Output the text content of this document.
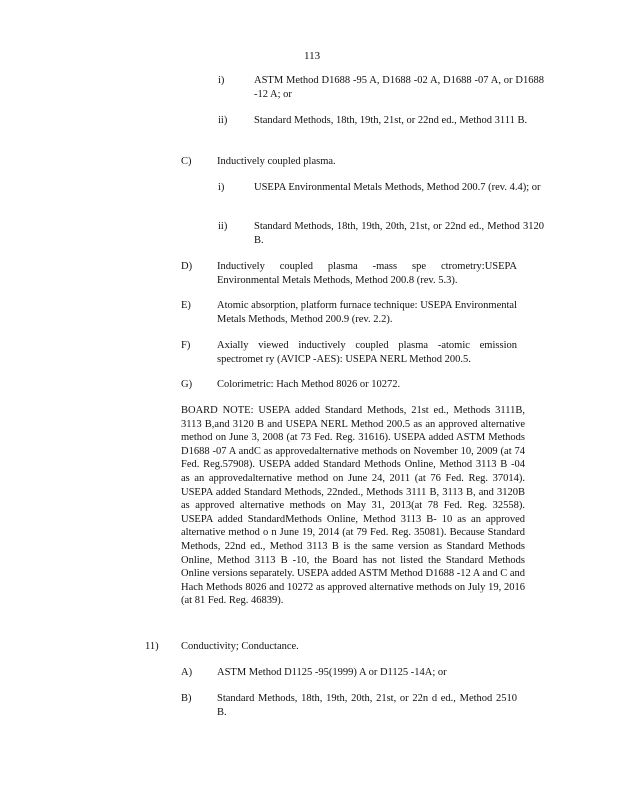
113
i)	ASTM Method D1688 -95 A, D1688 -02 A, D1688 -07 A, or D1688 -12 A; or
ii)	Standard Methods, 18th, 19th, 21st, or 22nd ed., Method 3111 B.
C) Inductively coupled plasma.
i)	USEPA Environmental Metals Methods, Method 200.7 (rev. 4.4); or
ii)	Standard Methods, 18th, 19th, 20th, 21st, or 22nd ed., Method 3120 B.
D) Inductively coupled plasma -mass spe ctrometry:USEPA Environmental Metals Methods, Method 200.8 (rev. 5.3).
E) Atomic absorption, platform furnace technique: USEPA Environmental Metals Methods, Method 200.9 (rev. 2.2).
F)	Axially viewed inductively coupled plasma -atomic emission spectromet ry (AVICP -AES): USEPA NERL Method 200.5.
G) Colorimetric: Hach Method 8026 or 10272.
BOARD NOTE: USEPA added Standard Methods, 21st ed., Methods 3111B, 3113 B,and 3120 B and USEPA NERL Method 200.5 as an approved alternative method on June 3, 2008 (at 73 Fed. Reg. 31616). USEPA added ASTM Methods D1688 -07 A andC as approvedalternative methods on November 10, 2009 (at 74 Fed. Reg.57908). USEPA added Standard Methods Online, Method 3113 B -04 as an approvedalternative method on June 24, 2011 (at 76 Fed. Reg. 37014). USEPA added Standard Methods, 22nded., Methods 3111 B, 3113 B, and 3120B as approved alternative methods on May 31, 2013(at 78 Fed. Reg. 32558). USEPA added StandardMethods Online, Method 3113 B- 10 as an approved alternative method o n June 19, 2014 (at 79 Fed. Reg. 35081). Because Standard Methods, 22nd ed., Method 3113 B is the same version as Standard Methods Online, Method 3113 B -10, the Board has not listed the Standard Methods Online versions separately. USEPA added ASTM Method D1688 -12 A and C and Hach Methods 8026 and 10272 as approved alternative methods on July 19, 2016 (at 81 Fed. Reg. 46839).
11) Conductivity; Conductance.
A) ASTM Method D1125 -95(1999) A or D1125 -14A; or
B) Standard Methods, 18th, 19th, 20th, 21st, or 22n d ed., Method 2510 B.
